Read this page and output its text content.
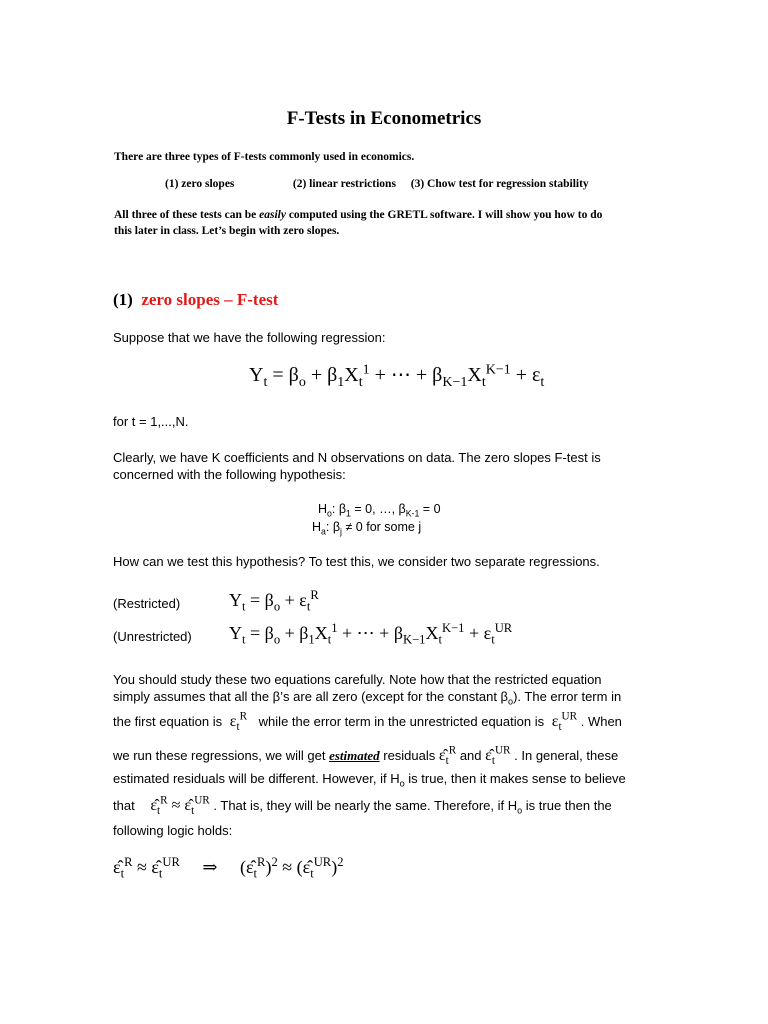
F-Tests in Econometrics
There are three types of F-tests commonly used in economics.
(1) zero slopes	(2) linear restrictions (3) Chow test for regression stability
All three of these tests can be easily computed using the GRETL software. I will show you how to do
this later in class. Let’s begin with zero slopes.
(1) zero slopes – F-test
Suppose that we have the following regression:
$Y_t = \beta_o + \beta_1X_t^1$ + ⋯ + $\beta_{K-1}X_t^{K-1} + \varepsilon_t$
for t = 1,...,N.
Clearly, we have K coefficients and N observations on data. The zero slopes F-test is
concerned with the following hypothesis:
$H_o$: $\beta_1 = 0$, …, $\beta_{K-1} = 0$
$H_a$: $\beta_j \ne 0$ for some j
How can we test this hypothesis? To test this, we consider two separate regressions.
(Restricted)	$Y_t = \beta_o + \varepsilon_t^R$
(Unrestricted) $Y_t = \beta_o + \beta_1X_t^1$ + ⋯ + $\beta_{K-1}X_t^{K-1} + \varepsilon_t^{UR}$
You should study these two equations carefully. Note how that the restricted equation
simply assumes that all the β’s are all zero (except for the constant $\beta_o$). The error term in
the first equation is  $\varepsilon_t^R$ while the error term in the unrestricted equation is  $\varepsilon_t^{UR}$ . When
we run these regressions, we will get estimated residuals $\varepsilon̂_t^R$ and $\varepsilon̂_t^{UR}$ . In general, these
estimated residuals will be different. However, if $H_o$ is true, then it makes sense to believe
that    $\varepsilon̂_t^R$ ≈ $\varepsilon̂_t^{UR}$ . That is, they will be nearly the same. Therefore, if $H_o$ is true then the
following logic holds:
$\varepsilon̂_t^R$ ≈ $\varepsilon̂_t^{UR}$     ⇒     $(\varepsilon̂_t^R)^2$ ≈ $(\varepsilon̂_t^{UR})^2$
